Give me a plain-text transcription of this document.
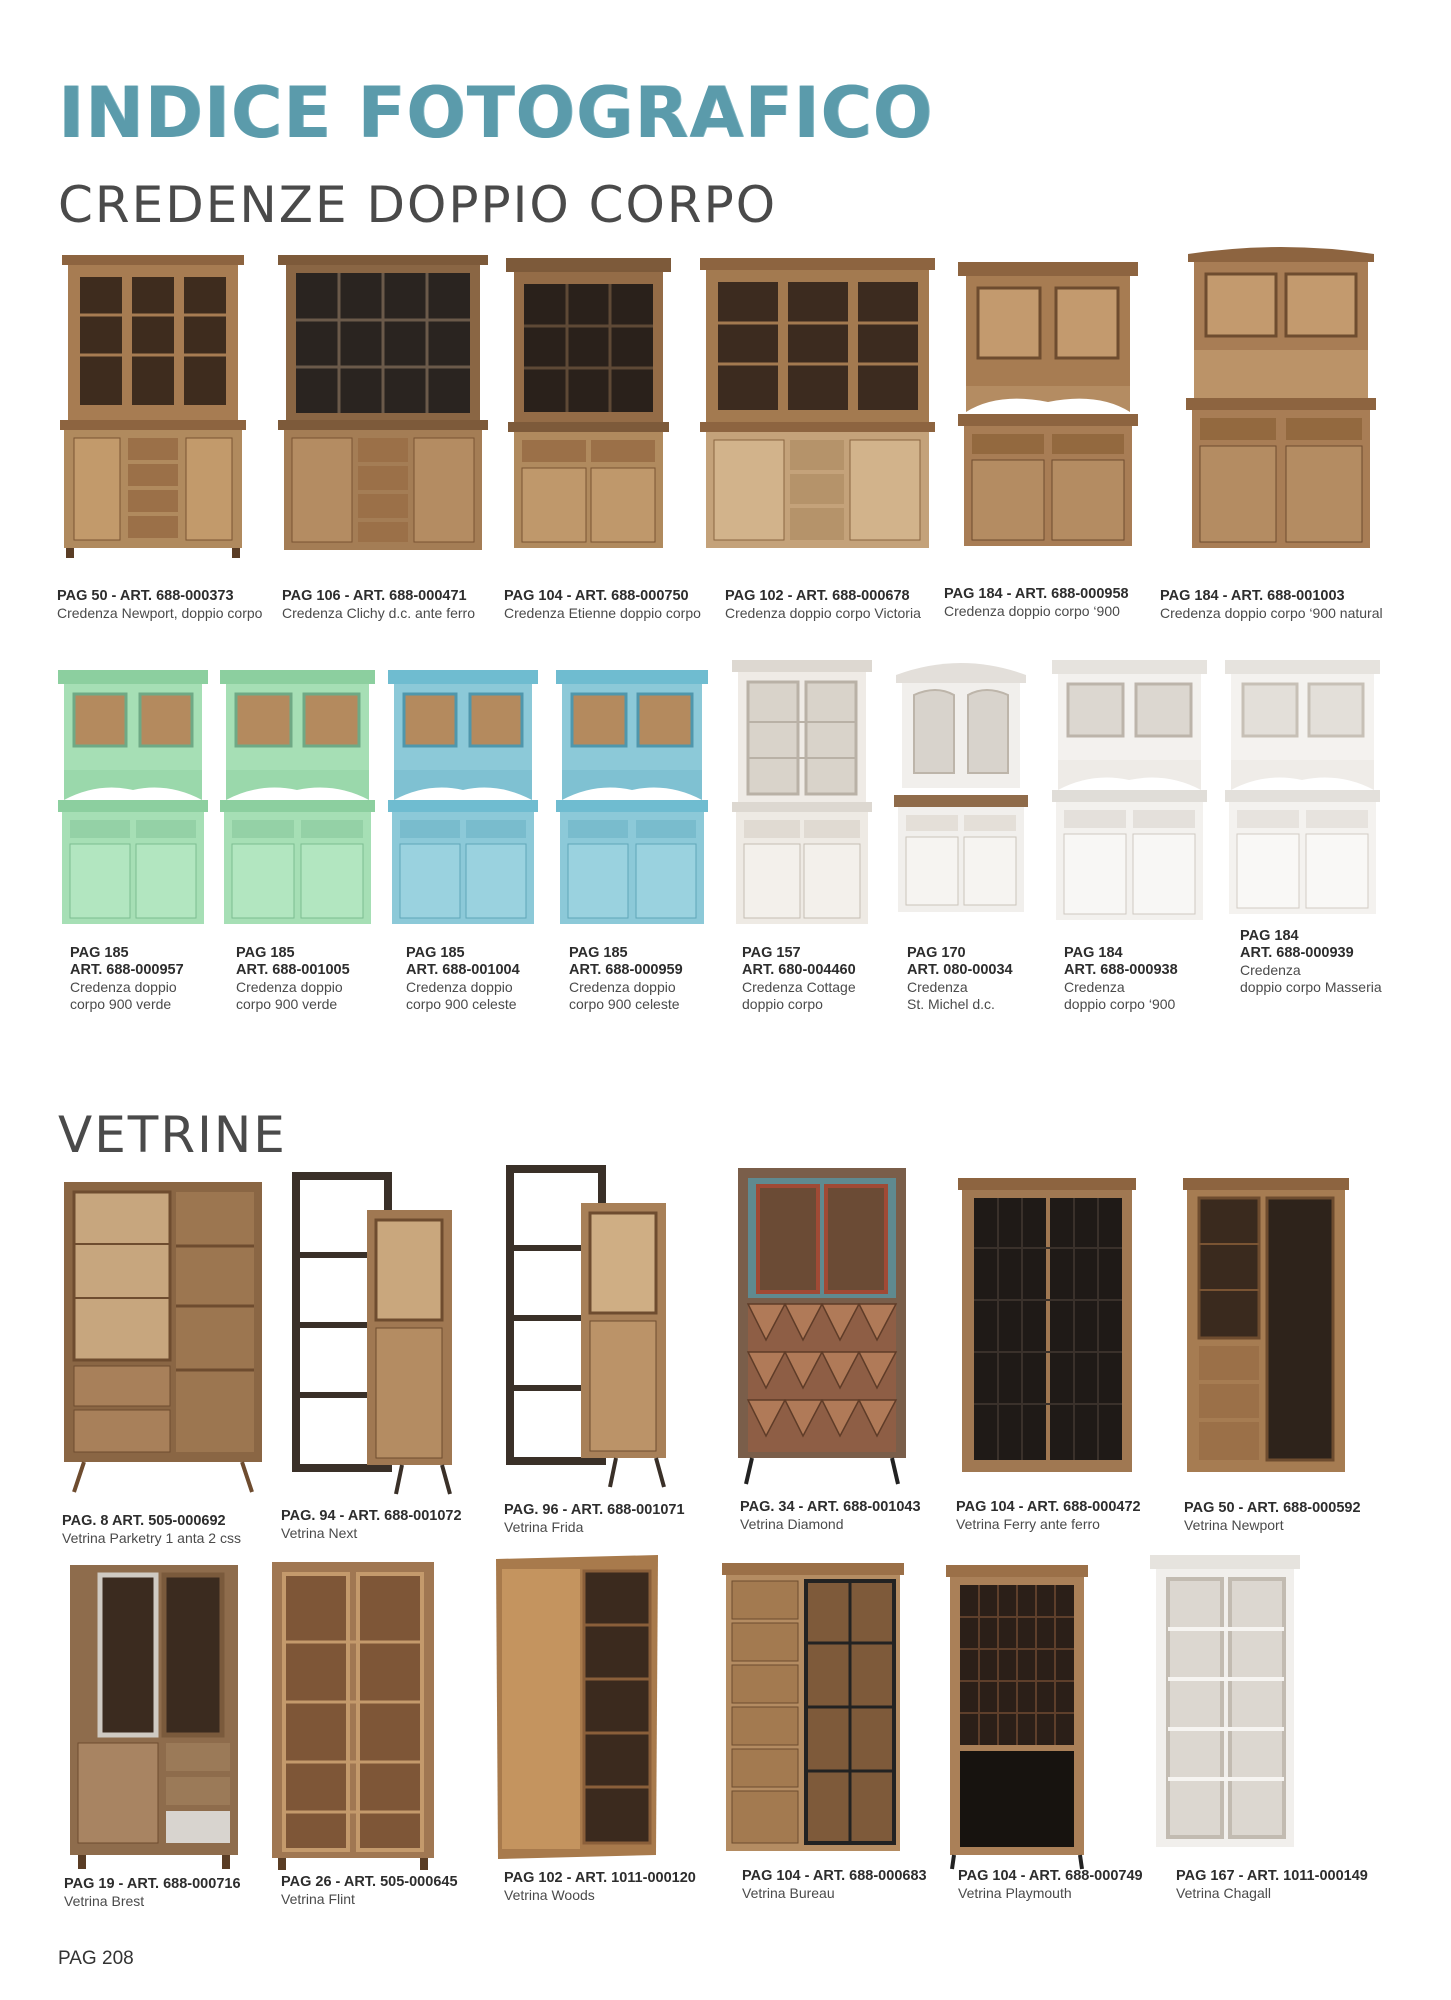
INDICE FOTOGRAFICO
CREDENZE DOPPIO CORPO
VETRINE
PAG 50 - ART. 688-000373
Credenza Newport, doppio corpo
PAG 106 - ART. 688-000471
Credenza Clichy d.c. ante ferro
PAG 104 - ART. 688-000750
Credenza Etienne doppio corpo
PAG 102 - ART. 688-000678
Credenza doppio corpo Victoria
PAG 184 - ART. 688-000958
Credenza doppio corpo ‘900
PAG 184 - ART. 688-001003
Credenza doppio corpo ‘900 natural
PAG 185
ART. 688-000957
Credenza doppio
corpo 900 verde
PAG 185
ART. 688-001005
Credenza doppio
corpo 900 verde
PAG 185
ART. 688-001004
Credenza doppio
corpo 900 celeste
PAG 185
ART. 688-000959
Credenza doppio
corpo 900 celeste
PAG 157
ART. 680-004460
Credenza Cottage
doppio corpo
PAG 170
ART. 080-00034
Credenza
St. Michel d.c.
PAG 184
ART. 688-000938
Credenza
doppio corpo ‘900
PAG 184
ART. 688-000939
Credenza
doppio corpo Masseria
PAG. 8 ART. 505-000692
Vetrina Parketry 1 anta 2 css
PAG. 94 - ART. 688-001072
Vetrina Next
PAG. 96 - ART. 688-001071
Vetrina Frida
PAG. 34 - ART. 688-001043
Vetrina Diamond
PAG 104 - ART. 688-000472
Vetrina Ferry ante ferro
PAG 50 - ART. 688-000592
Vetrina Newport
PAG 19 - ART. 688-000716
Vetrina Brest
PAG 26 - ART. 505-000645
Vetrina Flint
PAG 102 - ART. 1011-000120
Vetrina Woods
PAG 104 - ART. 688-000683
Vetrina Bureau
PAG 104 - ART. 688-000749
Vetrina Playmouth
PAG 167 - ART. 1011-000149
Vetrina Chagall
PAG 208
